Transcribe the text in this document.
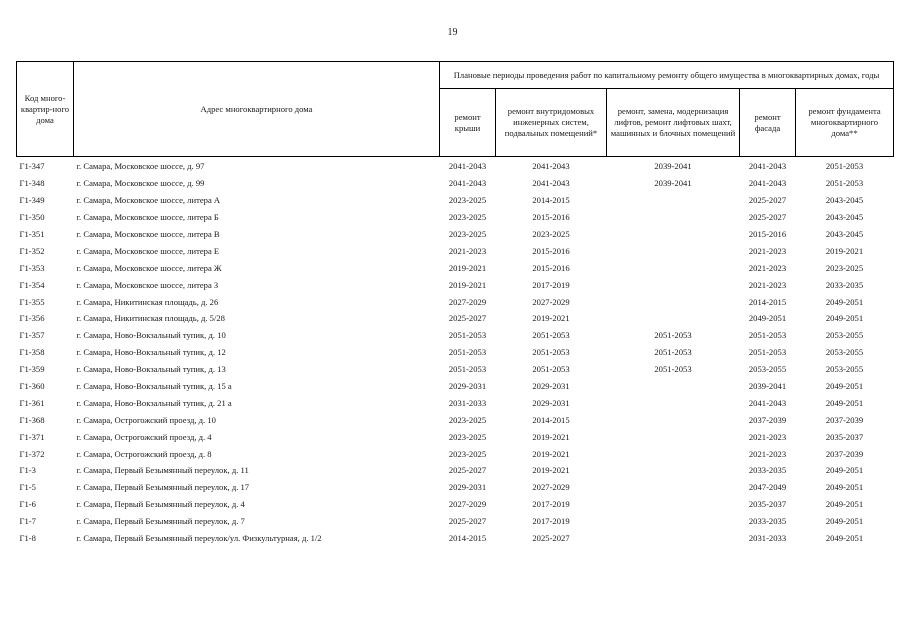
19
Код много-квартир-ного дома	Адрес многоквартирного дома	Плановые периоды проведения работ по капитальному ремонту общего имущества в многоквартирных домах, годы				
		ремонт крыши	ремонт внутридомовых инженерных систем, подвальных помещений*	ремонт, замена, модернизация лифтов, ремонт лифтовых шахт, машинных и блочных помещений	ремонт фасада	ремонт фундамента многоквартирного дома**
Г1-347	г. Самара, Московское шоссе, д. 97	2041-2043	2041-2043	2039-2041	2041-2043	2051-2053
Г1-348	г. Самара, Московское шоссе, д. 99	2041-2043	2041-2043	2039-2041	2041-2043	2051-2053
Г1-349	г. Самара, Московское шоссе, литера А	2023-2025	2014-2015		2025-2027	2043-2045
Г1-350	г. Самара, Московское шоссе, литера Б	2023-2025	2015-2016		2025-2027	2043-2045
Г1-351	г. Самара, Московское шоссе, литера В	2023-2025	2023-2025		2015-2016	2043-2045
Г1-352	г. Самара, Московское шоссе, литера Е	2021-2023	2015-2016		2021-2023	2019-2021
Г1-353	г. Самара, Московское шоссе, литера Ж	2019-2021	2015-2016		2021-2023	2023-2025
Г1-354	г. Самара, Московское шоссе, литера З	2019-2021	2017-2019		2021-2023	2033-2035
Г1-355	г. Самара, Никитинская площадь, д. 26	2027-2029	2027-2029		2014-2015	2049-2051
Г1-356	г. Самара, Никитинская площадь, д. 5/28	2025-2027	2019-2021		2049-2051	2049-2051
Г1-357	г. Самара, Ново-Вокзальный тупик, д. 10	2051-2053	2051-2053	2051-2053	2051-2053	2053-2055
Г1-358	г. Самара, Ново-Вокзальный тупик, д. 12	2051-2053	2051-2053	2051-2053	2051-2053	2053-2055
Г1-359	г. Самара, Ново-Вокзальный тупик, д. 13	2051-2053	2051-2053	2051-2053	2053-2055	2053-2055
Г1-360	г. Самара, Ново-Вокзальный тупик, д. 15 а	2029-2031	2029-2031		2039-2041	2049-2051
Г1-361	г. Самара, Ново-Вокзальный тупик, д. 21 а	2031-2033	2029-2031		2041-2043	2049-2051
Г1-368	г. Самара, Острогожский проезд, д. 10	2023-2025	2014-2015		2037-2039	2037-2039
Г1-371	г. Самара, Острогожский проезд, д. 4	2023-2025	2019-2021		2021-2023	2035-2037
Г1-372	г. Самара, Острогожский проезд, д. 8	2023-2025	2019-2021		2021-2023	2037-2039
Г1-3	г. Самара, Первый Безымянный переулок, д. 11	2025-2027	2019-2021		2033-2035	2049-2051
Г1-5	г. Самара, Первый Безымянный переулок, д. 17	2029-2031	2027-2029		2047-2049	2049-2051
Г1-6	г. Самара, Первый Безымянный переулок, д. 4	2027-2029	2017-2019		2035-2037	2049-2051
Г1-7	г. Самара, Первый Безымянный переулок, д. 7	2025-2027	2017-2019		2033-2035	2049-2051
Г1-8	г. Самара, Первый Безымянный переулок/ул. Физкультурная, д. 1/2	2014-2015	2025-2027		2031-2033	2049-2051
